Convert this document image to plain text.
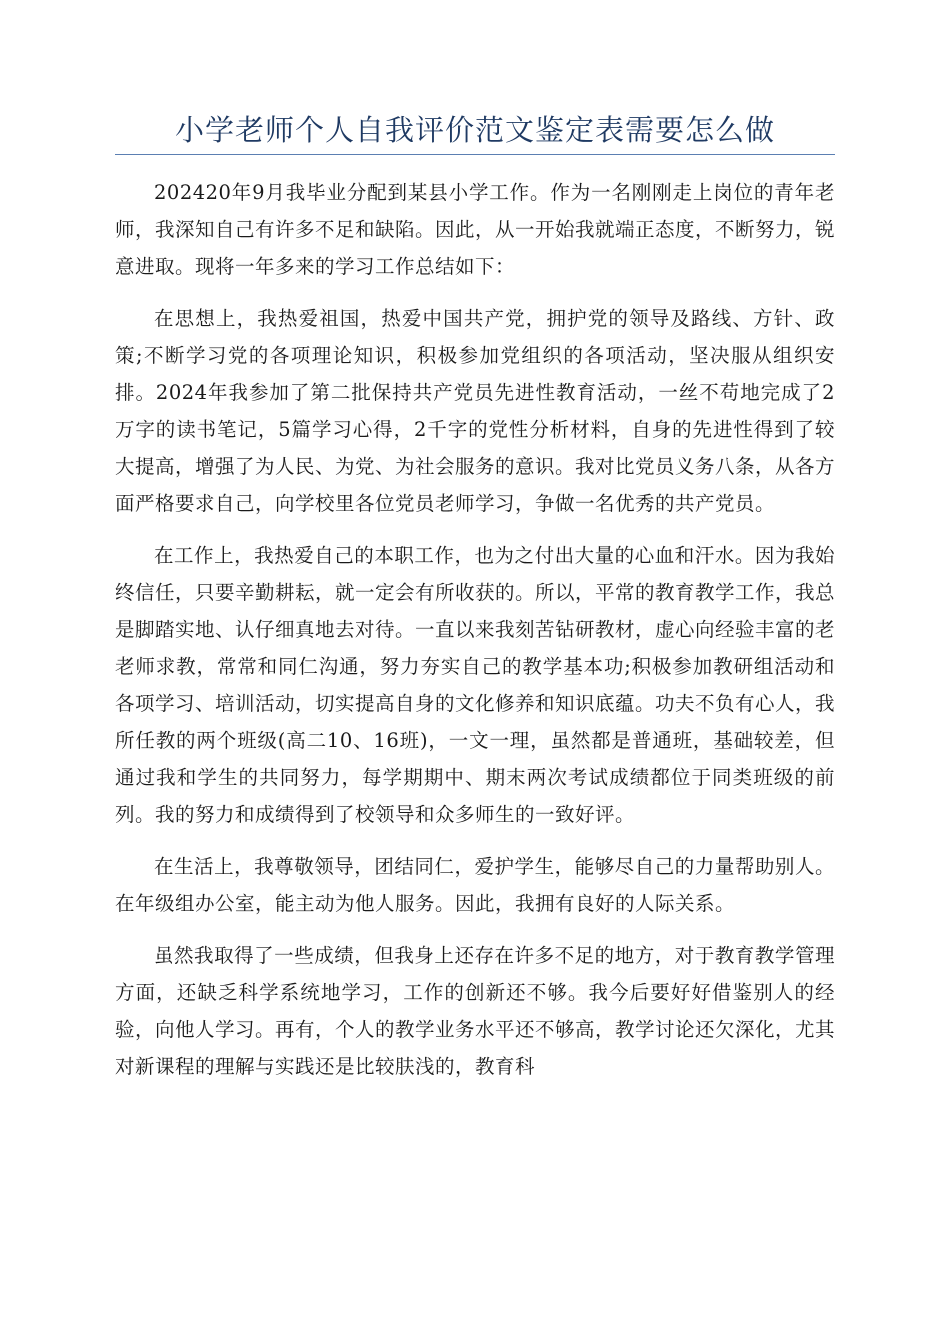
小学老师个人自我评价范文鉴定表需要怎么做

202420年9月我毕业分配到某县小学工作。作为一名刚刚走上岗位的青年老师，我深知自己有许多不足和缺陷。因此，从一开始我就端正态度，不断努力，锐意进取。现将一年多来的学习工作总结如下：

在思想上，我热爱祖国，热爱中国共产党，拥护党的领导及路线、方针、政策;不断学习党的各项理论知识，积极参加党组织的各项活动，坚决服从组织安排。2024年我参加了第二批保持共产党员先进性教育活动，一丝不苟地完成了2万字的读书笔记，5篇学习心得，2千字的党性分析材料，自身的先进性得到了较大提高，增强了为人民、为党、为社会服务的意识。我对比党员义务八条，从各方面严格要求自己，向学校里各位党员老师学习，争做一名优秀的共产党员。

在工作上，我热爱自己的本职工作，也为之付出大量的心血和汗水。因为我始终信任，只要辛勤耕耘，就一定会有所收获的。所以，平常的教育教学工作，我总是脚踏实地、认仔细真地去对待。一直以来我刻苦钻研教材，虚心向经验丰富的老老师求教，常常和同仁沟通，努力夯实自己的教学基本功;积极参加教研组活动和各项学习、培训活动，切实提高自身的文化修养和知识底蕴。功夫不负有心人，我所任教的两个班级(高二10、16班)，一文一理，虽然都是普通班，基础较差，但通过我和学生的共同努力，每学期期中、期末两次考试成绩都位于同类班级的前列。我的努力和成绩得到了校领导和众多师生的一致好评。

在生活上，我尊敬领导，团结同仁，爱护学生，能够尽自己的力量帮助别人。在年级组办公室，能主动为他人服务。因此，我拥有良好的人际关系。

虽然我取得了一些成绩，但我身上还存在许多不足的地方，对于教育教学管理方面，还缺乏科学系统地学习，工作的创新还不够。我今后要好好借鉴别人的经验，向他人学习。再有，个人的教学业务水平还不够高，教学讨论还欠深化，尤其对新课程的理解与实践还是比较肤浅的，教育科
